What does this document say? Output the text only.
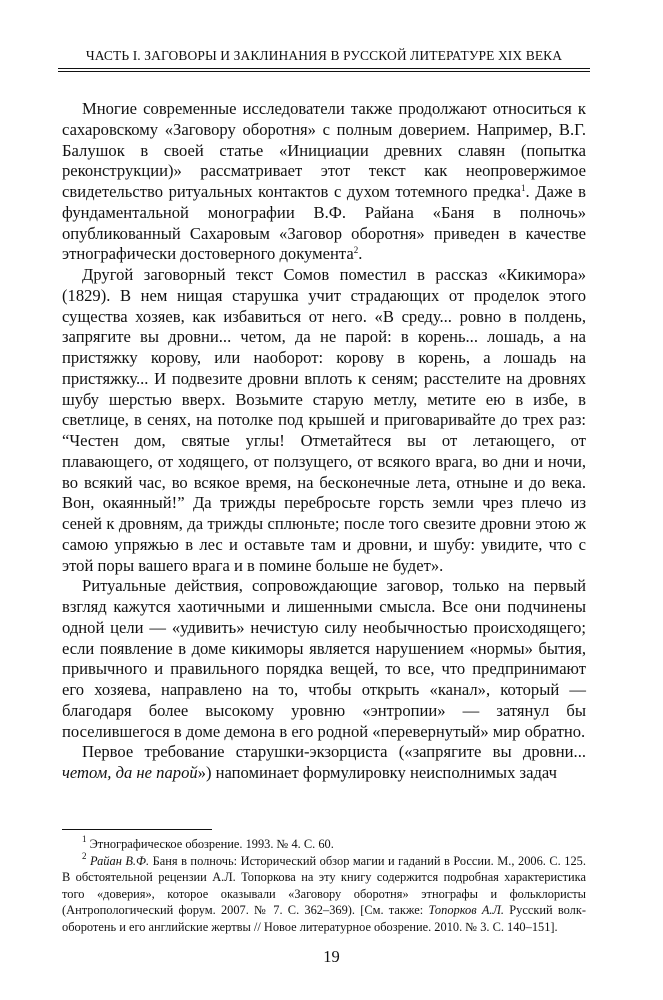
ЧАСТЬ I. ЗАГОВОРЫ И ЗАКЛИНАНИЯ В РУССКОЙ ЛИТЕРАТУРЕ XIX ВЕКА

Многие современные исследователи также продолжают относиться к сахаровскому «Заговору оборотня» с полным доверием. Например, В.Г. Балушок в своей статье «Инициации древних славян (попытка реконструкции)» рассматривает этот текст как неопровержимое свидетельство ритуальных контактов с духом тотемного предка$^1$. Даже в фундаментальной монографии В.Ф. Райана «Баня в полночь» опубликованный Сахаровым «Заговор оборотня» приведен в качестве этнографически достоверного документа$^2$.

Другой заговорный текст Сомов поместил в рассказ «Кикимора» (1829). В нем нищая старушка учит страдающих от проделок этого существа хозяев, как избавиться от него. «В среду... ровно в полдень, запрягите вы дровни... четом, да не парой: в корень... лошадь, а на пристяжку корову, или наоборот: корову в корень, а лошадь на пристяжку... И подвезите дровни вплоть к сеням; расстелите на дровнях шубу шерстью вверх. Возьмите старую метлу, метите ею в избе, в светлице, в сенях, на потолке под крышей и приговаривайте до трех раз: “Честен дом, святые углы! Отметайтеся вы от летающего, от плавающего, от ходящего, от ползущего, от всякого врага, во дни и ночи, во всякий час, во всякое время, на бесконечные лета, отныне и до века. Вон, окаянный!” Да трижды перебросьте горсть земли чрез плечо из сеней к дровням, да трижды сплюньте; после того свезите дровни этою ж самою упряжью в лес и оставьте там и дровни, и шубу: увидите, что с этой поры вашего врага и в помине больше не будет».

Ритуальные действия, сопровождающие заговор, только на первый взгляд кажутся хаотичными и лишенными смысла. Все они подчинены одной цели — «удивить» нечистую силу необычностью происходящего; если появление в доме кикиморы является нарушением «нормы» бытия, привычного и правильного порядка вещей, то все, что предпринимают его хозяева, направлено на то, чтобы открыть «канал», который — благодаря более высокому уровню «энтропии» — затянул бы поселившегося в доме демона в его родной «перевернутый» мир обратно.

Первое требование старушки-экзорциста («запрягите вы дровни... четом, да не парой») напоминает формулировку неисполнимых задач

$^1$ Этнографическое обозрение. 1993. № 4. С. 60.

$^2$ Райан В.Ф. Баня в полночь: Исторический обзор магии и гаданий в России. М., 2006. С. 125. В обстоятельной рецензии А.Л. Топоркова на эту книгу содержится подробная характеристика того «доверия», которое оказывали «Заговору оборотня» этнографы и фольклористы (Антропологический форум. 2007. № 7. С. 362–369). [См. также: Топорков А.Л. Русский волк-оборотень и его английские жертвы // Новое литературное обозрение. 2010. № 3. С. 140–151].

19
